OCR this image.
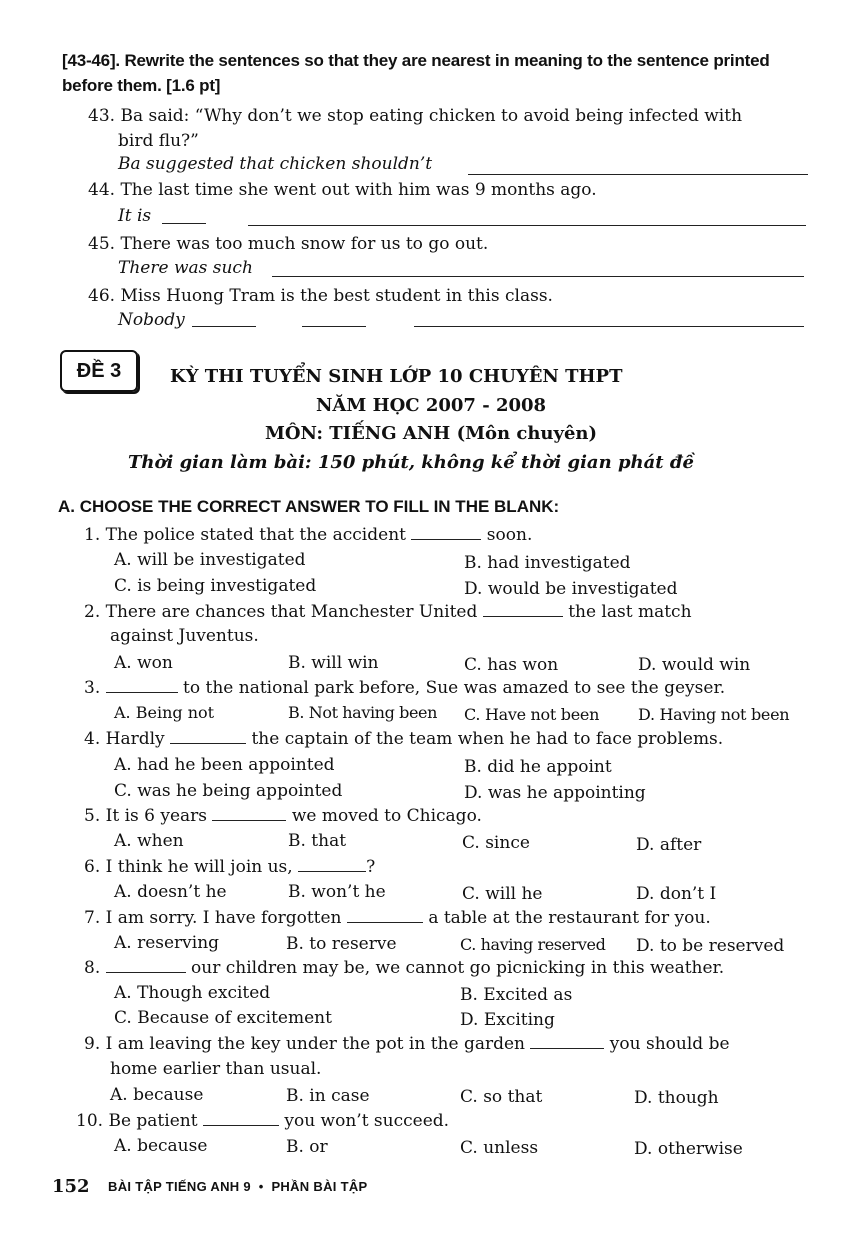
[43-46]. Rewrite the sentences so that they are nearest in meaning to the sentence printed before them. [1.6 pt]
43. Ba said: “Why don’t we stop eating chicken to avoid being infected with
bird flu?”
Ba suggested that chicken shouldn’t
44. The last time she went out with him was 9 months ago.
It is
45. There was too much snow for us to go out.
There was such
46. Miss Huong Tram is the best student in this class.
Nobody
ĐỀ 3	KỲ THI TUYỂN SINH LỚP 10 CHUYÊN THPT
NĂM HỌC 2007 - 2008
MÔN: TIẾNG ANH (Môn chuyên)
Thời gian làm bài: 150 phút, không kể thời gian phát đề
A. CHOOSE THE CORRECT ANSWER TO FILL IN THE BLANK:
1. The police stated that the accident	soon.
A. will be investigated	B. had investigated
C. is being investigated	D. would be investigated
2. There are chances that Manchester United	the last match
against Juventus.
A. won	B. will win	C. has won	D. would win
3.	to the national park before, Sue was amazed to see the geyser.
A. Being not	B. Not having been C. Have not been D. Having not been
4. Hardly	the captain of the team when he had to face problems.
A. had he been appointed	B. did he appoint
C. was he being appointed	D. was he appointing
5. It is 6 years	we moved to Chicago.
A. when	B. that	C. since	D. after
6. I think he will join us,	?
A. doesn’t he	B. won’t he	C. will he	D. don’t I
7. I am sorry. I have forgotten	a table at the restaurant for you.
A. reserving	B. to reserve	C. having reserved D. to be reserved
8.	our children may be, we cannot go picnicking in this weather.
A. Though excited	B. Excited as
C. Because of excitement	D. Exciting
9. I am leaving the key under the pot in the garden	you should be
home earlier than usual.
A. because	B. in case	C. so that	D. though
10. Be patient	you won’t succeed.
A. because	B. or	C. unless	D. otherwise
152 BÀI TẬP TIẾNG ANH 9 • PHẦN BÀI TẬP
